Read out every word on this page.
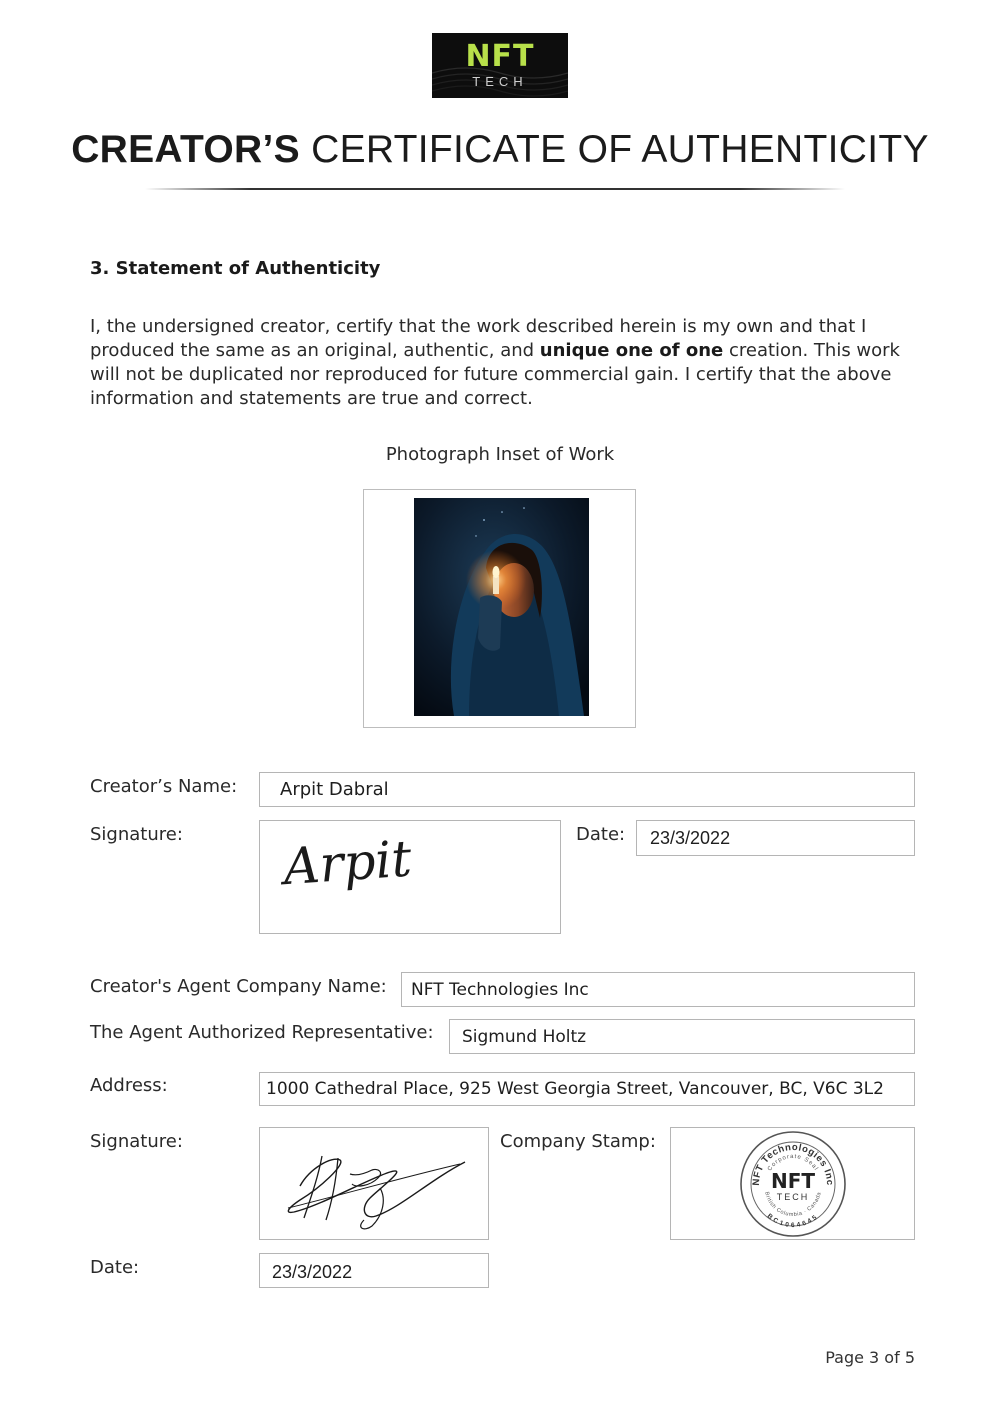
NFT
TECH
CREATOR’S CERTIFICATE OF AUTHENTICITY
3. Statement of Authenticity
I, the undersigned creator, certify that the work described herein is my own and that I produced the same as an original, authentic, and unique one of one creation. This work will not be duplicated nor reproduced for future commercial gain. I certify that the above information and statements are true and correct.
Photograph Inset of Work
Creator’s Name: Arpit Dabral
Signature: Arpit	Date: 23/3/2022
Creator's Agent Company Name: NFT Technologies Inc
The Agent Authorized Representative: Sigmund Holtz
Address:	1000 Cathedral Place, 925 West Georgia Street, Vancouver, BC, V6C 3L2
Signature:	Company Stamp:
NFT Technologies Inc
Corporate Seal
NFT
TECH
British Columbia · Canada
BC1064645
Date:	23/3/2022
Page 3 of 5
